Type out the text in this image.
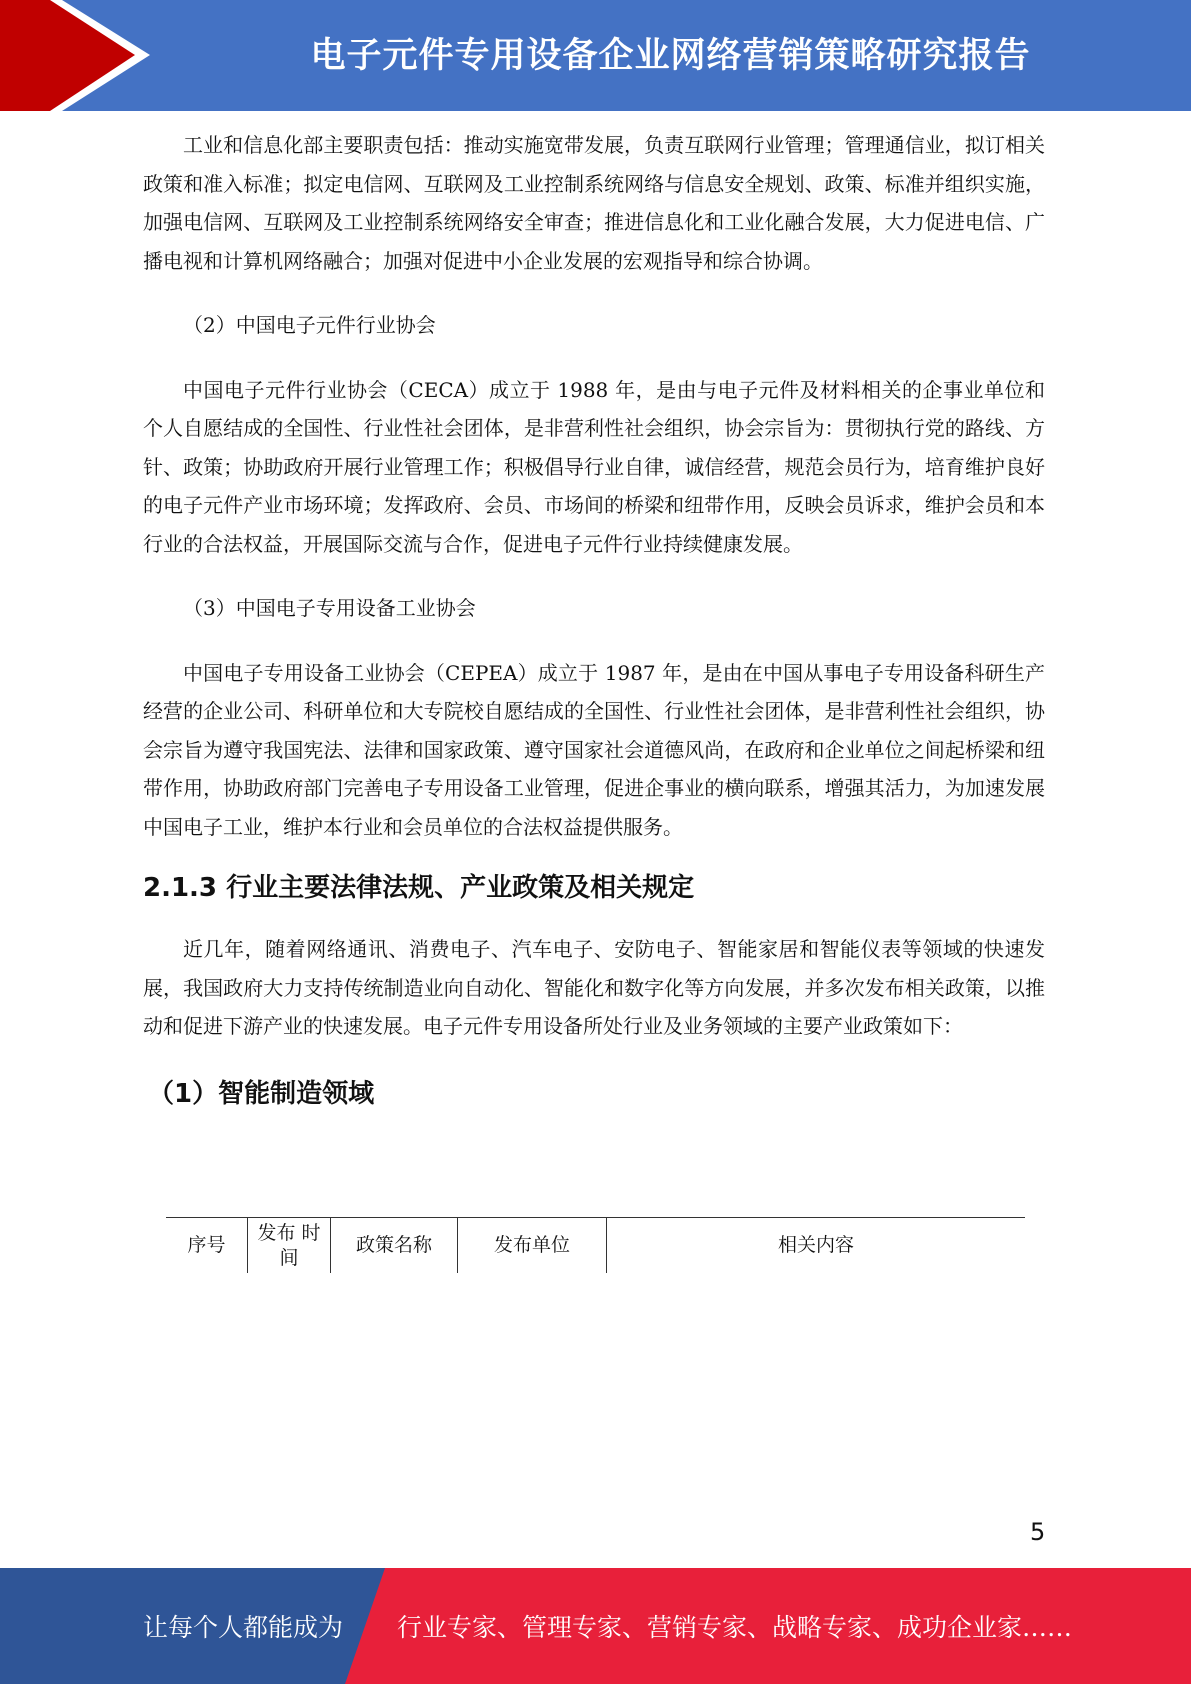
电子元件专用设备企业网络营销策略研究报告

工业和信息化部主要职责包括：推动实施宽带发展，负责互联网行业管理；管理通信业，拟订相关政策和准入标准；拟定电信网、互联网及工业控制系统网络与信息安全规划、政策、标准并组织实施，加强电信网、互联网及工业控制系统网络安全审查；推进信息化和工业化融合发展，大力促进电信、广播电视和计算机网络融合；加强对促进中小企业发展的宏观指导和综合协调。

（2）中国电子元件行业协会

中国电子元件行业协会（CECA）成立于 1988 年，是由与电子元件及材料相关的企事业单位和个人自愿结成的全国性、行业性社会团体，是非营利性社会组织，协会宗旨为：贯彻执行党的路线、方针、政策；协助政府开展行业管理工作；积极倡导行业自律，诚信经营，规范会员行为，培育维护良好的电子元件产业市场环境；发挥政府、会员、市场间的桥梁和纽带作用，反映会员诉求，维护会员和本行业的合法权益，开展国际交流与合作，促进电子元件行业持续健康发展。

（3）中国电子专用设备工业协会

中国电子专用设备工业协会（CEPEA）成立于 1987 年，是由在中国从事电子专用设备科研生产经营的企业公司、科研单位和大专院校自愿结成的全国性、行业性社会团体，是非营利性社会组织，协会宗旨为遵守我国宪法、法律和国家政策、遵守国家社会道德风尚，在政府和企业单位之间起桥梁和纽带作用，协助政府部门完善电子专用设备工业管理，促进企事业的横向联系，增强其活力，为加速发展中国电子工业，维护本行业和会员单位的合法权益提供服务。

2.1.3 行业主要法律法规、产业政策及相关规定

近几年，随着网络通讯、消费电子、汽车电子、安防电子、智能家居和智能仪表等领域的快速发展，我国政府大力支持传统制造业向自动化、智能化和数字化等方向发展，并多次发布相关政策，以推动和促进下游产业的快速发展。电子元件专用设备所处行业及业务领域的主要产业政策如下：

（1）智能制造领域
序号	发布 时间	政策名称	发布单位	相关内容
5
让每个人都能成为 行业专家、管理专家、营销专家、战略专家、成功企业家……
